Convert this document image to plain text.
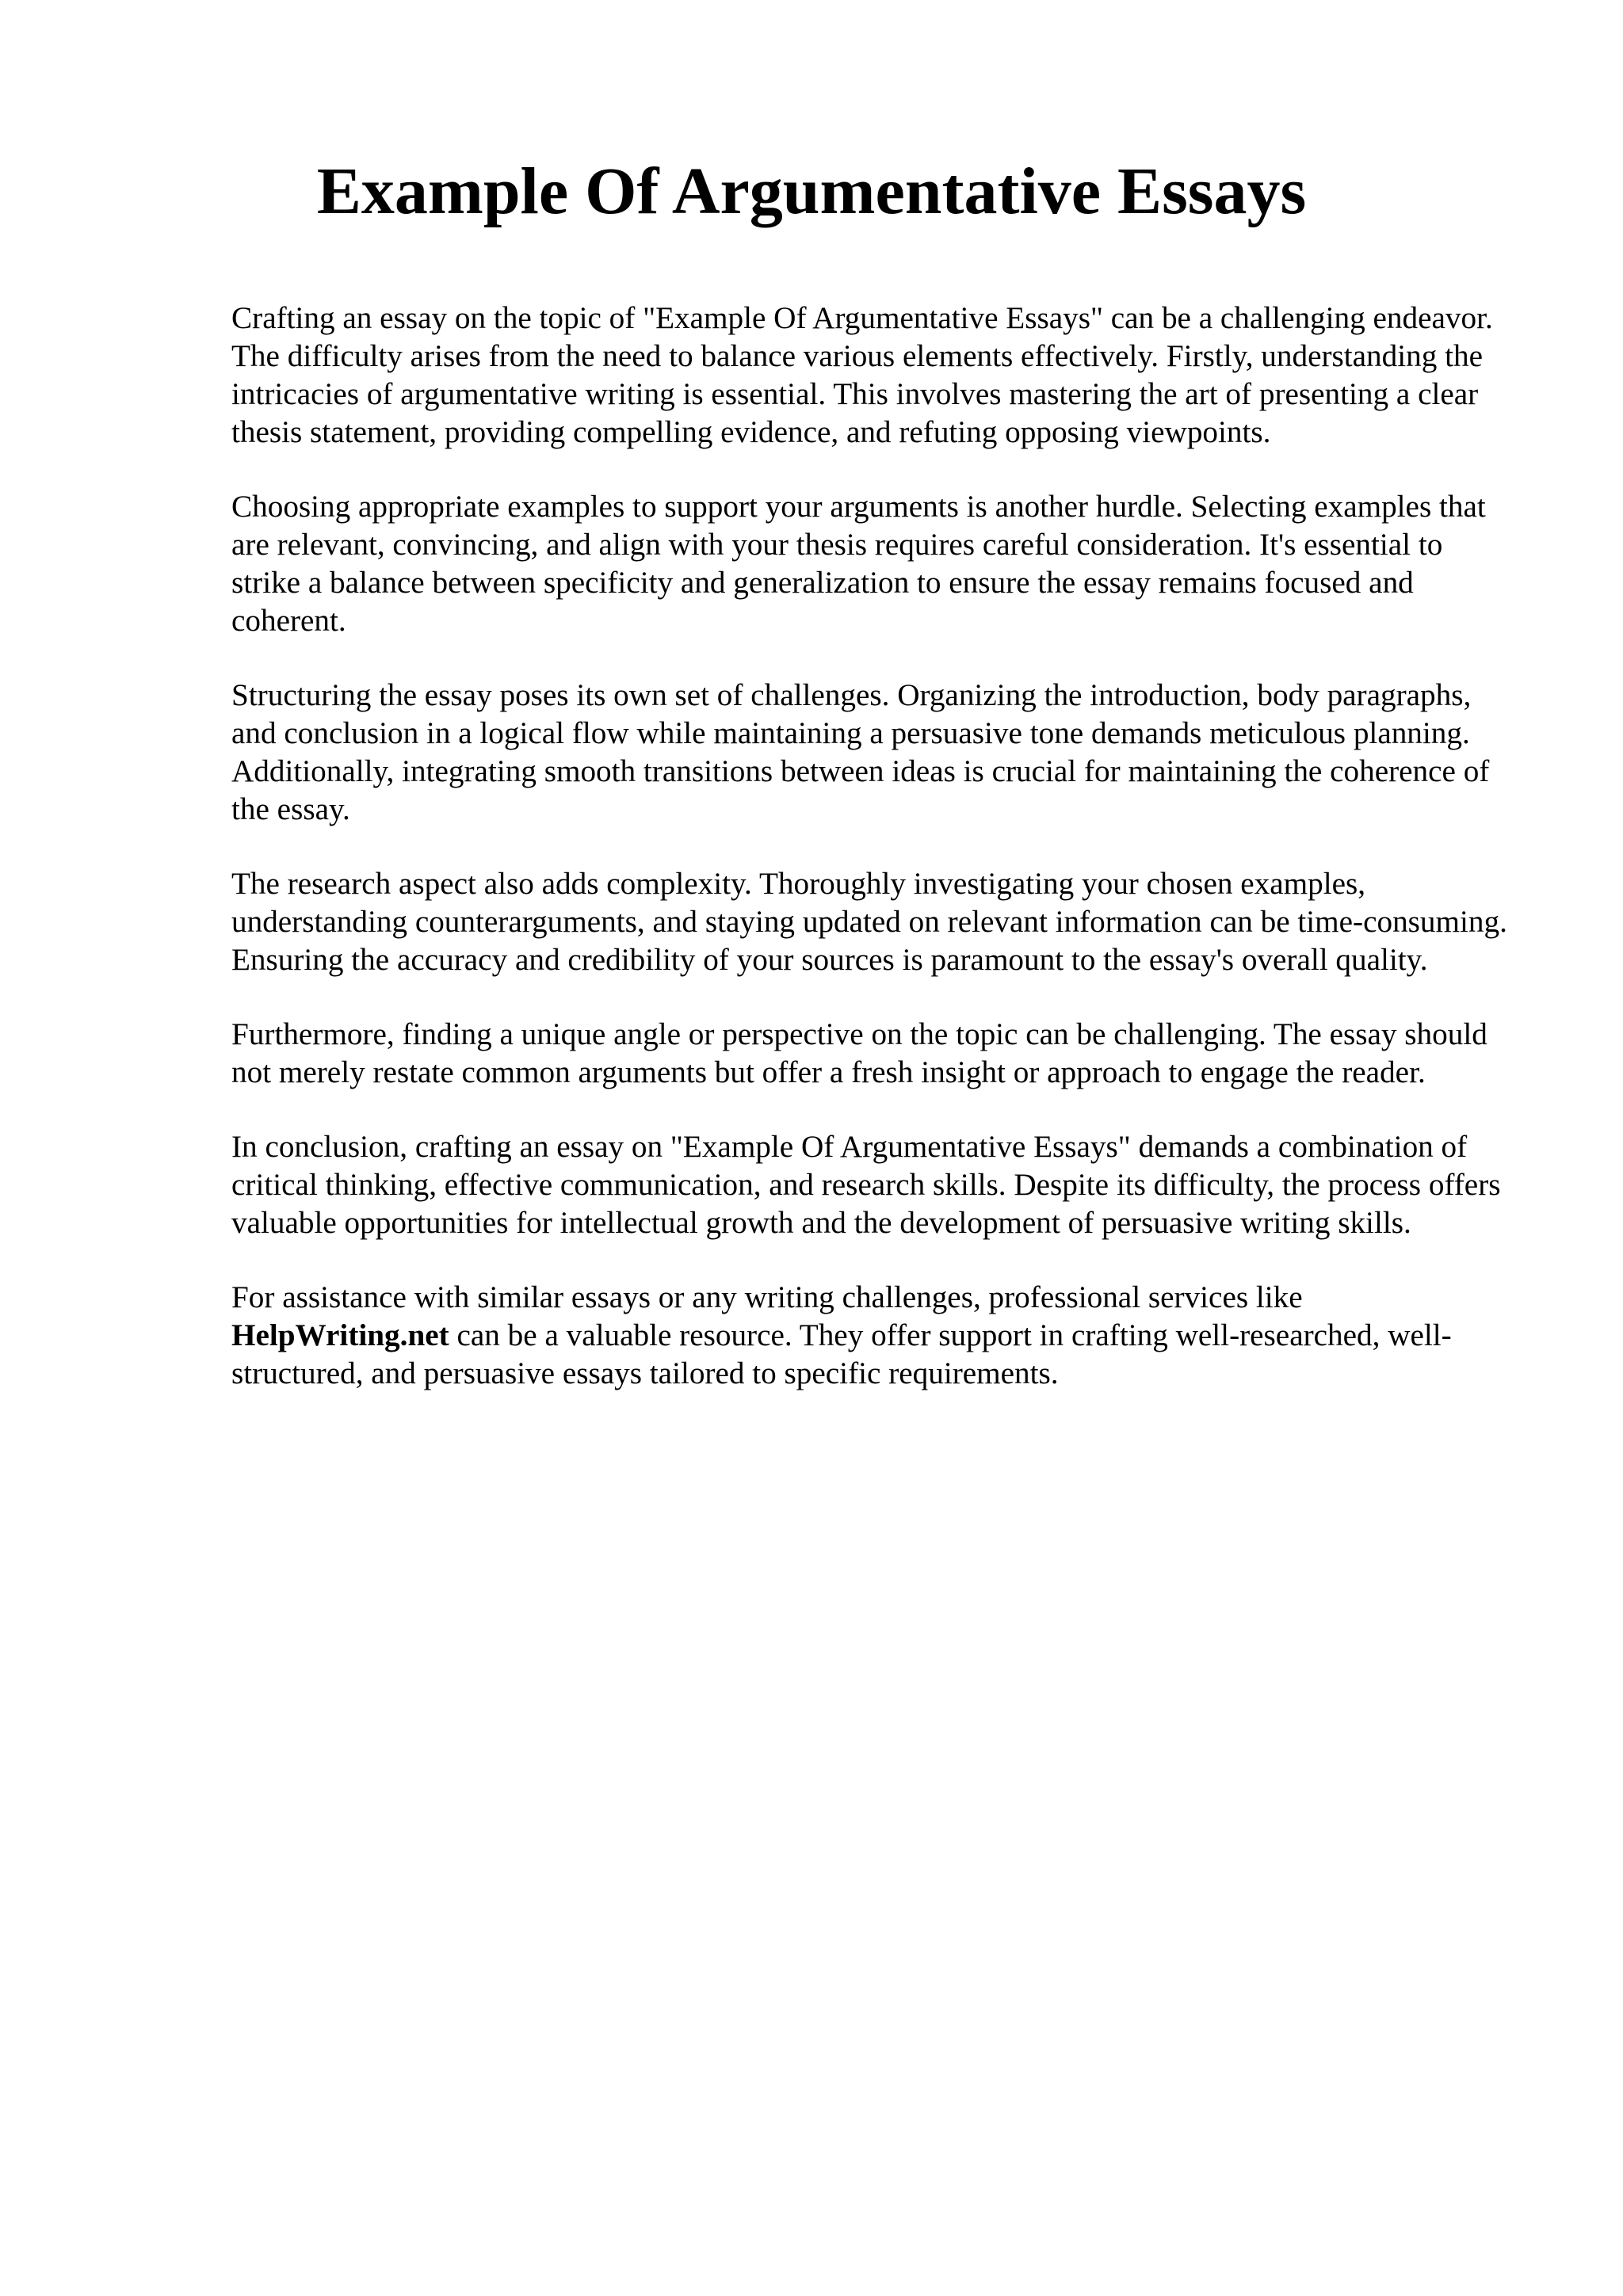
Example Of Argumentative Essays

Crafting an essay on the topic of "Example Of Argumentative Essays" can be a challenging endeavor. The difficulty arises from the need to balance various elements effectively. Firstly, understanding the intricacies of argumentative writing is essential. This involves mastering the art of presenting a clear thesis statement, providing compelling evidence, and refuting opposing viewpoints.

Choosing appropriate examples to support your arguments is another hurdle. Selecting examples that are relevant, convincing, and align with your thesis requires careful consideration. It's essential to strike a balance between specificity and generalization to ensure the essay remains focused and coherent.

Structuring the essay poses its own set of challenges. Organizing the introduction, body paragraphs, and conclusion in a logical flow while maintaining a persuasive tone demands meticulous planning. Additionally, integrating smooth transitions between ideas is crucial for maintaining the coherence of the essay.

The research aspect also adds complexity. Thoroughly investigating your chosen examples, understanding counterarguments, and staying updated on relevant information can be time-consuming. Ensuring the accuracy and credibility of your sources is paramount to the essay's overall quality.

Furthermore, finding a unique angle or perspective on the topic can be challenging. The essay should not merely restate common arguments but offer a fresh insight or approach to engage the reader.

In conclusion, crafting an essay on "Example Of Argumentative Essays" demands a combination of critical thinking, effective communication, and research skills. Despite its difficulty, the process offers valuable opportunities for intellectual growth and the development of persuasive writing skills.

For assistance with similar essays or any writing challenges, professional services like HelpWriting.net can be a valuable resource. They offer support in crafting well-researched, well-structured, and persuasive essays tailored to specific requirements.
